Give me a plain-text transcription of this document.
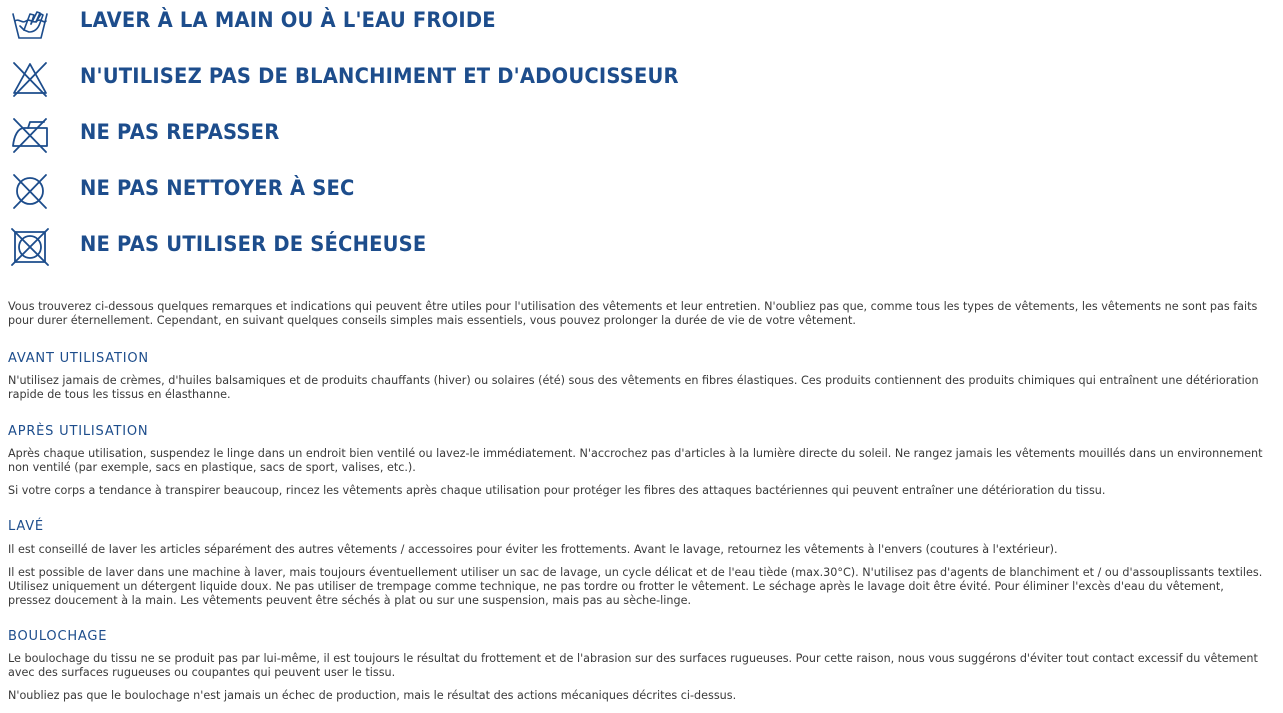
LAVER À LA MAIN OU À L'EAU FROIDE
N'UTILISEZ PAS DE BLANCHIMENT ET D'ADOUCISSEUR
NE PAS REPASSER
NE PAS NETTOYER À SEC
NE PAS UTILISER DE SÉCHEUSE

Vous trouverez ci-dessous quelques remarques et indications qui peuvent être utiles pour l'utilisation des vêtements et leur entretien. N'oubliez pas que, comme tous les types de vêtements, les vêtements ne sont pas faits pour durer éternellement. Cependant, en suivant quelques conseils simples mais essentiels, vous pouvez prolonger la durée de vie de votre vêtement.

AVANT UTILISATION

N'utilisez jamais de crèmes, d'huiles balsamiques et de produits chauffants (hiver) ou solaires (été) sous des vêtements en fibres élastiques. Ces produits contiennent des produits chimiques qui entraînent une détérioration rapide de tous les tissus en élasthanne.

APRÈS UTILISATION

Après chaque utilisation, suspendez le linge dans un endroit bien ventilé ou lavez-le immédiatement. N'accrochez pas d'articles à la lumière directe du soleil. Ne rangez jamais les vêtements mouillés dans un environnement non ventilé (par exemple, sacs en plastique, sacs de sport, valises, etc.).

Si votre corps a tendance à transpirer beaucoup, rincez les vêtements après chaque utilisation pour protéger les fibres des attaques bactériennes qui peuvent entraîner une détérioration du tissu.

LAVÉ

Il est conseillé de laver les articles séparément des autres vêtements / accessoires pour éviter les frottements. Avant le lavage, retournez les vêtements à l'envers (coutures à l'extérieur).

Il est possible de laver dans une machine à laver, mais toujours éventuellement utiliser un sac de lavage, un cycle délicat et de l'eau tiède (max.30°C). N'utilisez pas d'agents de blanchiment et / ou d'assouplissants textiles. Utilisez uniquement un détergent liquide doux. Ne pas utiliser de trempage comme technique, ne pas tordre ou frotter le vêtement. Le séchage après le lavage doit être évité. Pour éliminer l'excès d'eau du vêtement, pressez doucement à la main. Les vêtements peuvent être séchés à plat ou sur une suspension, mais pas au sèche-linge.

BOULOCHAGE

Le boulochage du tissu ne se produit pas par lui-même, il est toujours le résultat du frottement et de l'abrasion sur des surfaces rugueuses. Pour cette raison, nous vous suggérons d'éviter tout contact excessif du vêtement avec des surfaces rugueuses ou coupantes qui peuvent user le tissu.

N'oubliez pas que le boulochage n'est jamais un échec de production, mais le résultat des actions mécaniques décrites ci-dessus.
